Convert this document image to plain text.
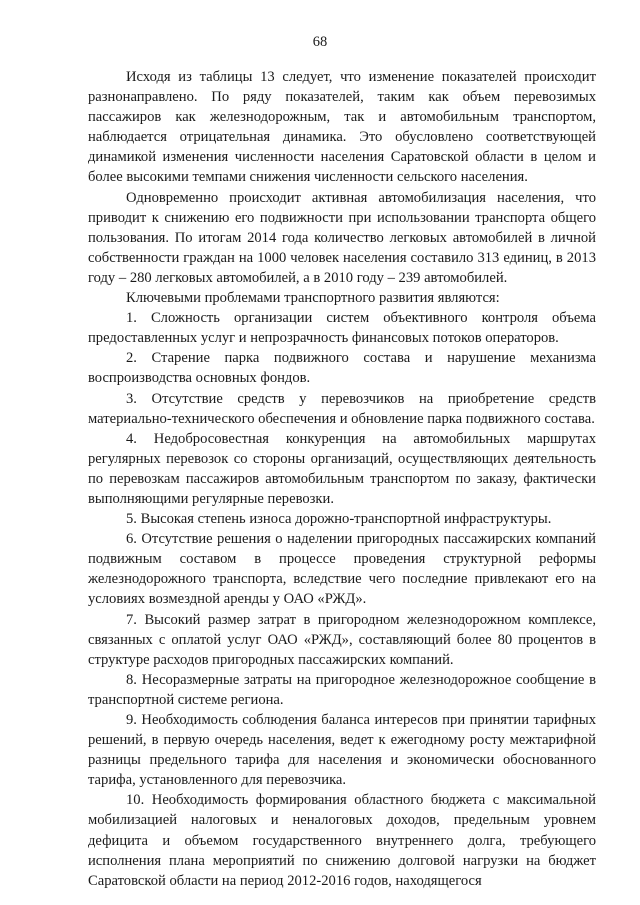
68

Исходя из таблицы 13 следует, что изменение показателей происходит разнонаправлено. По ряду показателей, таким как объем перевозимых пассажиров как железнодорожным, так и автомобильным транспортом, наблюдается отрицательная динамика. Это обусловлено соответствующей динамикой изменения численности населения Саратовской области в целом и более высокими темпами снижения численности сельского населения.

Одновременно происходит активная автомобилизация населения, что приводит к снижению его подвижности при использовании транспорта общего пользования. По итогам 2014 года количество легковых автомобилей в личной собственности граждан на 1000 человек населения составило 313 единиц, в 2013 году – 280 легковых автомобилей, а в 2010 году – 239 автомобилей.

Ключевыми проблемами транспортного развития являются:

1. Сложность организации систем объективного контроля объема предоставленных услуг и непрозрачность финансовых потоков операторов.

2. Старение парка подвижного состава и нарушение механизма воспроизводства основных фондов.

3. Отсутствие средств у перевозчиков на приобретение средств материально-технического обеспечения и обновление парка подвижного состава.

4. Недобросовестная конкуренция на автомобильных маршрутах регулярных перевозок со стороны организаций, осуществляющих деятельность по перевозкам пассажиров автомобильным транспортом по заказу, фактически выполняющими регулярные перевозки.

5. Высокая степень износа дорожно-транспортной инфраструктуры.

6. Отсутствие решения о наделении пригородных пассажирских компаний подвижным составом в процессе проведения структурной реформы железнодорожного транспорта, вследствие чего последние привлекают его на условиях возмездной аренды у ОАО «РЖД».

7. Высокий размер затрат в пригородном железнодорожном комплексе, связанных с оплатой услуг ОАО «РЖД», составляющий более 80 процентов в структуре расходов пригородных пассажирских компаний.

8. Несоразмерные затраты на пригородное железнодорожное сообщение в транспортной системе региона.

9. Необходимость соблюдения баланса интересов при принятии тарифных решений, в первую очередь населения, ведет к ежегодному росту межтарифной разницы предельного тарифа для населения и экономически обоснованного тарифа, установленного для перевозчика.

10. Необходимость формирования областного бюджета с максимальной мобилизацией налоговых и неналоговых доходов, предельным уровнем дефицита и объемом государственного внутреннего долга, требующего исполнения плана мероприятий по снижению долговой нагрузки на бюджет Саратовской области на период 2012-2016 годов, находящегося
